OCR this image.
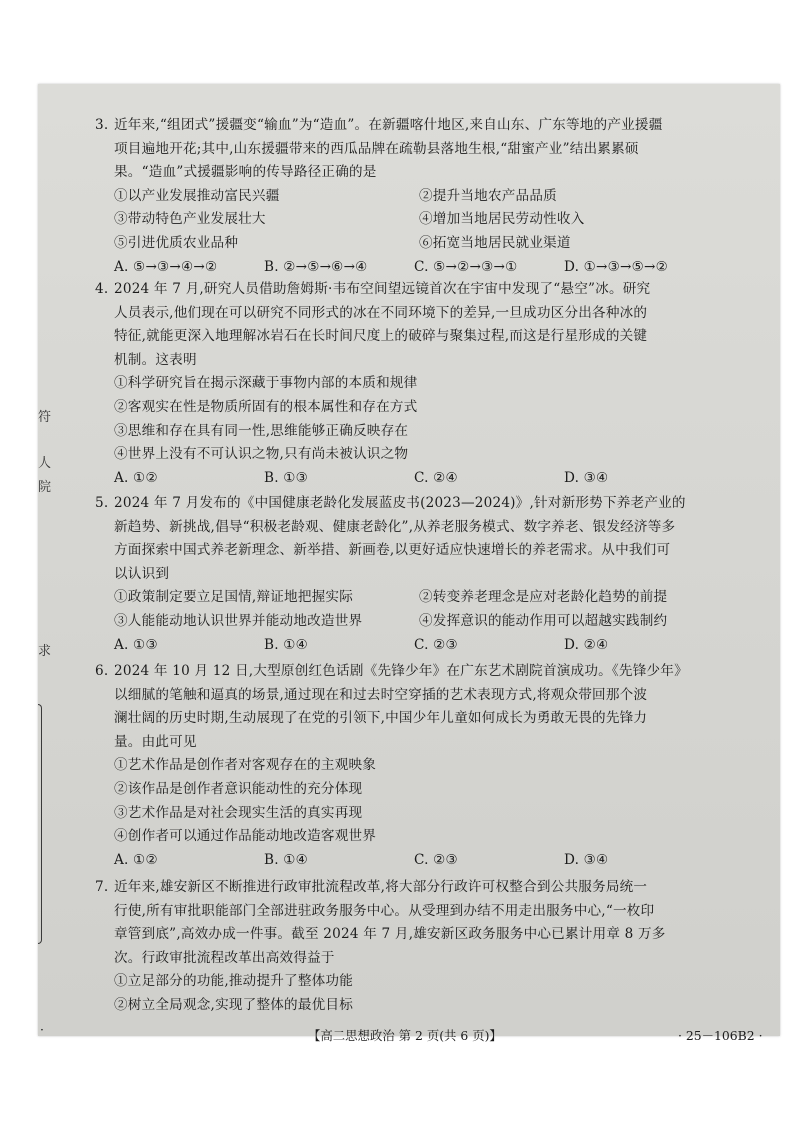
符
人
院
求
3. 近年来,“组团式”援疆变“输血”为“造血”。在新疆喀什地区,来自山东、广东等地的产业援疆
项目遍地开花;其中,山东援疆带来的西瓜品牌在疏勒县落地生根,“甜蜜产业”结出累累硕
果。“造血”式援疆影响的传导路径正确的是
①以产业发展推动富民兴疆	②提升当地农产品品质
③带动特色产业发展壮大	④增加当地居民劳动性收入
⑤引进优质农业品种	⑥拓宽当地居民就业渠道
A. ⑤→③→④→②	B. ②→⑤→⑥→④	C. ⑤→②→③→①	D. ①→③→⑤→②
4. 2024 年 7 月,研究人员借助詹姆斯·韦布空间望远镜首次在宇宙中发现了“悬空”冰。研究
人员表示,他们现在可以研究不同形式的冰在不同环境下的差异,一旦成功区分出各种冰的
特征,就能更深入地理解冰岩石在长时间尺度上的破碎与聚集过程,而这是行星形成的关键
机制。这表明
①科学研究旨在揭示深藏于事物内部的本质和规律
②客观实在性是物质所固有的根本属性和存在方式
③思维和存在具有同一性,思维能够正确反映存在
④世界上没有不可认识之物,只有尚未被认识之物
A. ①②	B. ①③	C. ②④	D. ③④
5. 2024 年 7 月发布的《中国健康老龄化发展蓝皮书(2023—2024)》,针对新形势下养老产业的
新趋势、新挑战,倡导“积极老龄观、健康老龄化”,从养老服务模式、数字养老、银发经济等多
方面探索中国式养老新理念、新举措、新画卷,以更好适应快速增长的养老需求。从中我们可
以认识到
①政策制定要立足国情,辩证地把握实际	②转变养老理念是应对老龄化趋势的前提
③人能能动地认识世界并能动地改造世界	④发挥意识的能动作用可以超越实践制约
A. ①③	B. ①④	C. ②③	D. ②④
6. 2024 年 10 月 12 日,大型原创红色话剧《先锋少年》在广东艺术剧院首演成功。《先锋少年》
以细腻的笔触和逼真的场景,通过现在和过去时空穿插的艺术表现方式,将观众带回那个波
澜壮阔的历史时期,生动展现了在党的引领下,中国少年儿童如何成长为勇敢无畏的先锋力
量。由此可见
①艺术作品是创作者对客观存在的主观映象
②该作品是创作者意识能动性的充分体现
③艺术作品是对社会现实生活的真实再现
④创作者可以通过作品能动地改造客观世界
A. ①②	B. ①④	C. ②③	D. ③④
7. 近年来,雄安新区不断推进行政审批流程改革,将大部分行政许可权整合到公共服务局统一
行使,所有审批职能部门全部进驻政务服务中心。从受理到办结不用走出服务中心,“一枚印
章管到底”,高效办成一件事。截至 2024 年 7 月,雄安新区政务服务中心已累计用章 8 万多
次。行政审批流程改革出高效得益于
①立足部分的功能,推动提升了整体功能
②树立全局观念,实现了整体的最优目标
·	【高二思想政治 第 2 页(共 6 页)】	· 25－106B2 ·
